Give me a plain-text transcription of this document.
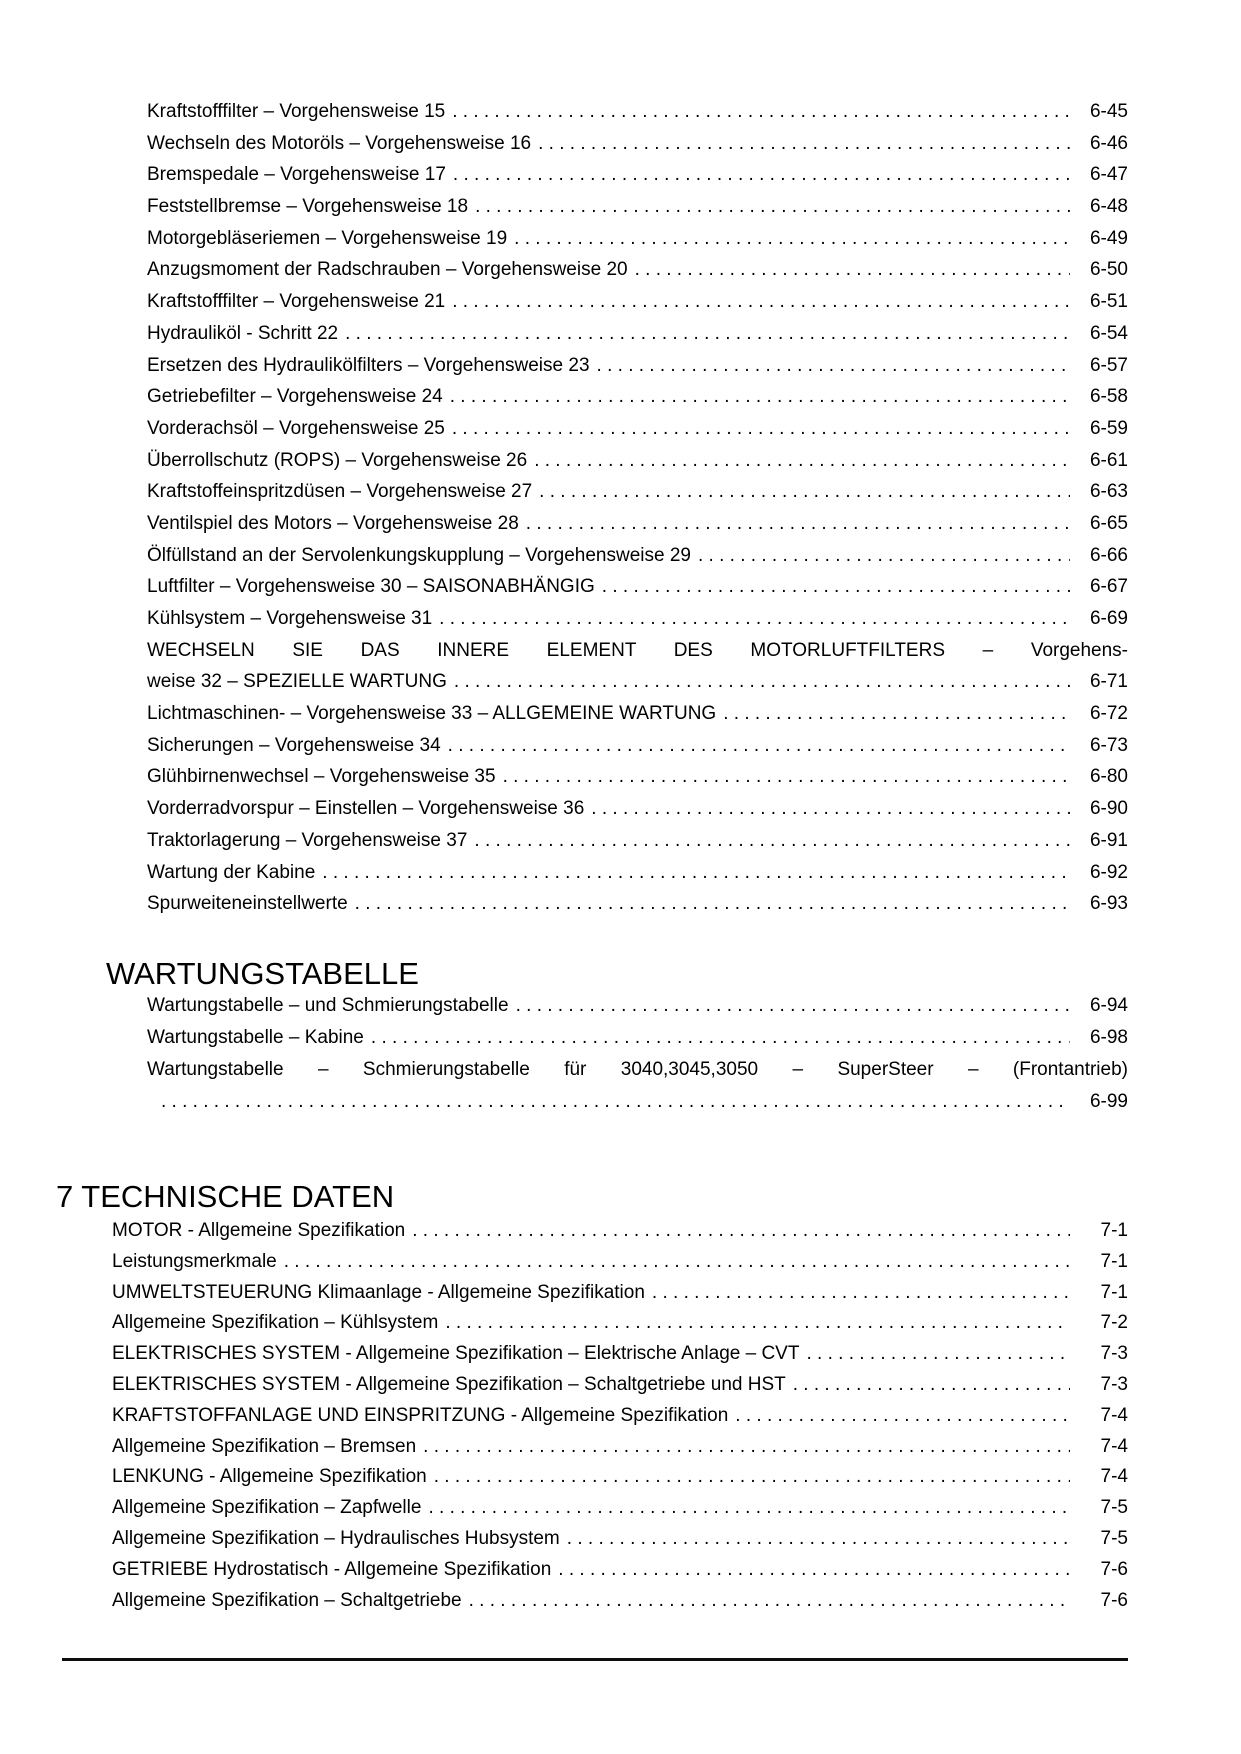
Kraftstofffilter – Vorgehensweise 15 . . .	6-45
Wechseln des Motoröls – Vorgehensweise 16 . . .	6-46
Bremspedale – Vorgehensweise 17 . . .	6-47
Feststellbremse – Vorgehensweise 18 . . .	6-48
Motorgebläseriemen – Vorgehensweise 19 . . .	6-49
Anzugsmoment der Radschrauben – Vorgehensweise 20 . . .	6-50
Kraftstofffilter – Vorgehensweise 21 . . .	6-51
Hydrauliköl - Schritt 22 . . .	6-54
Ersetzen des Hydraulikölfilters – Vorgehensweise 23 . . .	6-57
Getriebefilter – Vorgehensweise 24 . . .	6-58
Vorderachsöl – Vorgehensweise 25 . . .	6-59
Überrollschutz (ROPS) – Vorgehensweise 26 . . .	6-61
Kraftstoffeinspritzdüsen – Vorgehensweise 27 . . .	6-63
Ventilspiel des Motors – Vorgehensweise 28 . . .	6-65
Ölfüllstand an der Servolenkungskupplung – Vorgehensweise 29 . . .	6-66
Luftfilter – Vorgehensweise 30 – SAISONABHÄNGIG . . .	6-67
Kühlsystem – Vorgehensweise 31 . . .	6-69
WECHSELN SIE DAS INNERE ELEMENT DES MOTORLUFTFILTERS – Vorgehens-
weise 32 – SPEZIELLE WARTUNG . . .	6-71
Lichtmaschinen- – Vorgehensweise 33 – ALLGEMEINE WARTUNG . . .	6-72
Sicherungen – Vorgehensweise 34 . . .	6-73
Glühbirnenwechsel – Vorgehensweise 35 . . .	6-80
Vorderradvorspur – Einstellen – Vorgehensweise 36 . . .	6-90
Traktorlagerung – Vorgehensweise 37 . . .	6-91
Wartung der Kabine . . .	6-92
Spurweiteneinstellwerte . . .	6-93
WARTUNGSTABELLE
Wartungstabelle – und Schmierungstabelle . . .	6-94
Wartungstabelle – Kabine . . .	6-98
Wartungstabelle – Schmierungstabelle für 3040,3045,3050 – SuperSteer – (Frontantrieb)
. . .
6-99
7 TECHNISCHE DATEN
MOTOR - Allgemeine Spezifikation . . .	7-1
Leistungsmerkmale . . .	7-1
UMWELTSTEUERUNG Klimaanlage - Allgemeine Spezifikation . . .	7-1
Allgemeine Spezifikation – Kühlsystem . . .	7-2
ELEKTRISCHES SYSTEM - Allgemeine Spezifikation – Elektrische Anlage – CVT . . .	7-3
ELEKTRISCHES SYSTEM - Allgemeine Spezifikation – Schaltgetriebe und HST . . .	7-3
KRAFTSTOFFANLAGE UND EINSPRITZUNG - Allgemeine Spezifikation . . .	7-4
Allgemeine Spezifikation – Bremsen . . .	7-4
LENKUNG - Allgemeine Spezifikation . . .	7-4
Allgemeine Spezifikation – Zapfwelle . . .	7-5
Allgemeine Spezifikation – Hydraulisches Hubsystem . . .	7-5
GETRIEBE Hydrostatisch - Allgemeine Spezifikation . . .	7-6
Allgemeine Spezifikation – Schaltgetriebe . . .	7-6
